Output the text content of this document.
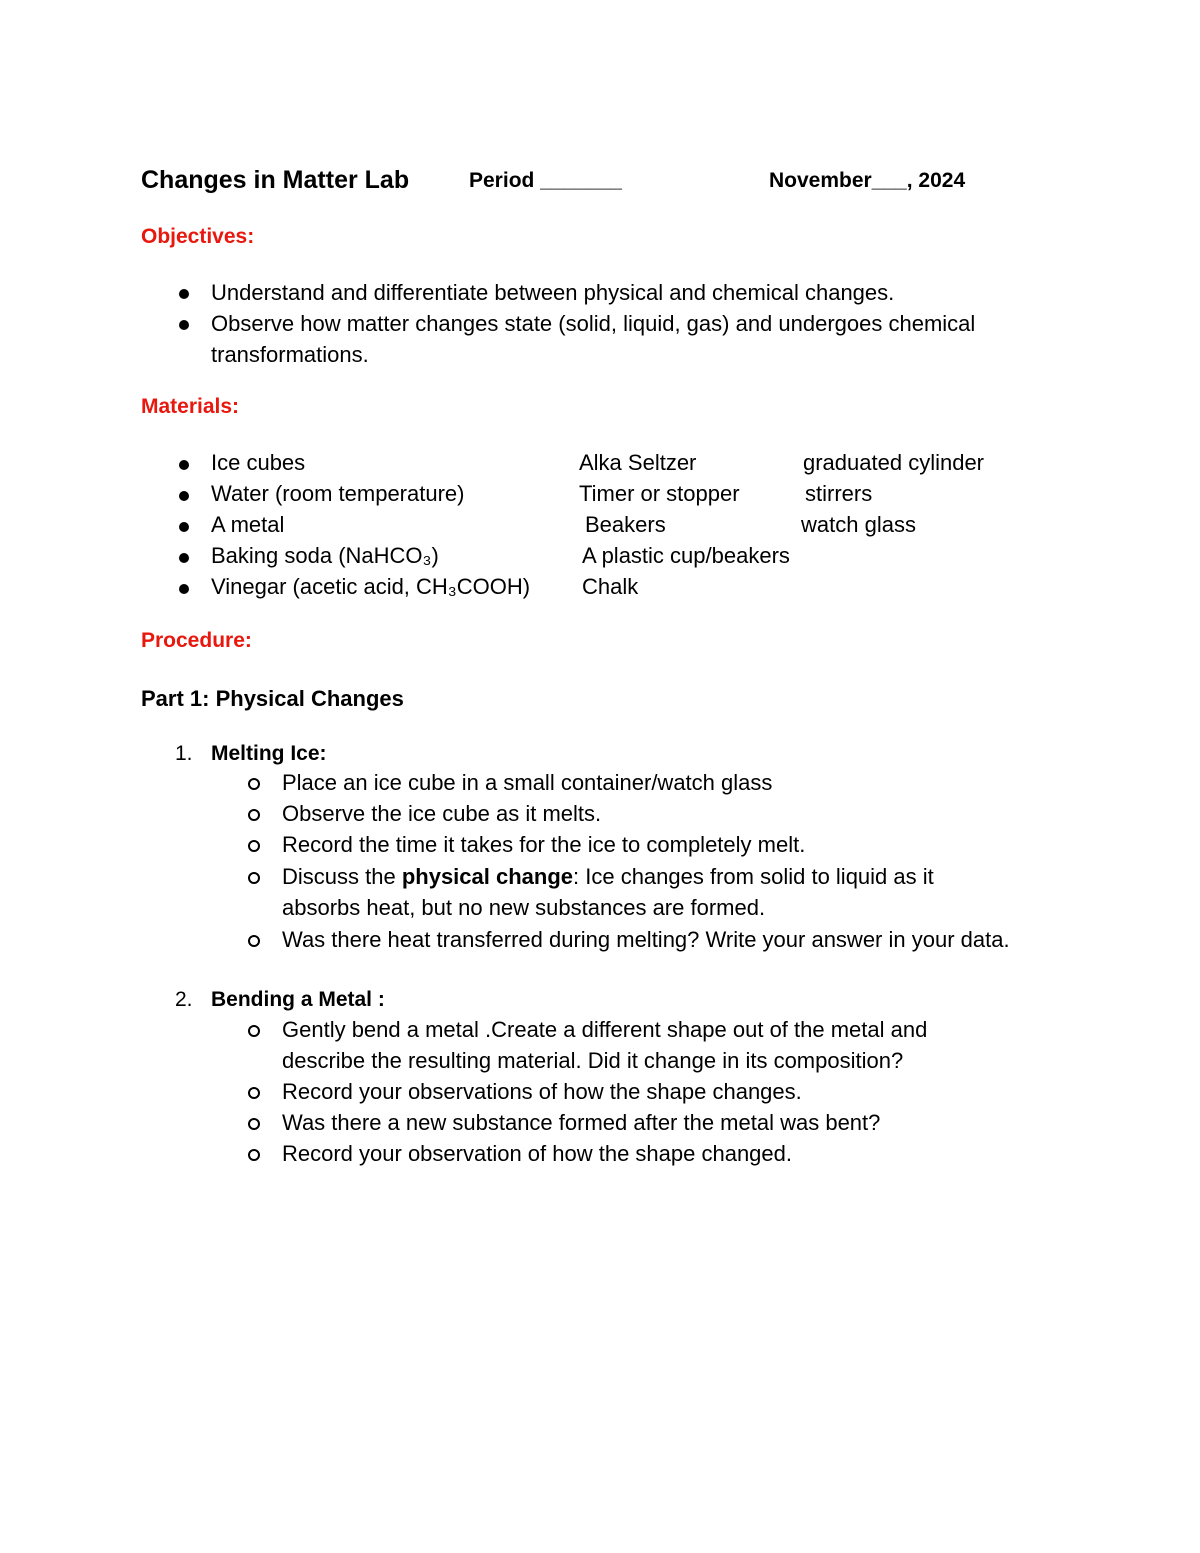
Changes in Matter Lab	Period _______	November___, 2024
Objectives:
Understand and differentiate between physical and chemical changes.
Observe how matter changes state (solid, liquid, gas) and undergoes chemical transformations.
Materials:
Ice cubes
Water (room temperature)
A metal
Baking soda (NaHCO₃)
Vinegar (acetic acid, CH₃COOH)
Alka Seltzer
Timer or stopper
Beakers
A plastic cup/beakers
Chalk
graduated cylinder
stirrers
watch glass
Procedure:
Part 1: Physical Changes
1. Melting Ice:
Place an ice cube in a small container/watch glass
Observe the ice cube as it melts.
Record the time it takes for the ice to completely melt.
Discuss the physical change: Ice changes from solid to liquid as it absorbs heat, but no new substances are formed.
Was there heat transferred during melting? Write your answer in your data.
2. Bending a Metal :
Gently bend a metal .Create a different shape out of the metal and describe the resulting material. Did it change in its composition?
Record your observations of how the shape changes.
Was there a new substance formed after the metal was bent?
Record your observation of how the shape changed.
